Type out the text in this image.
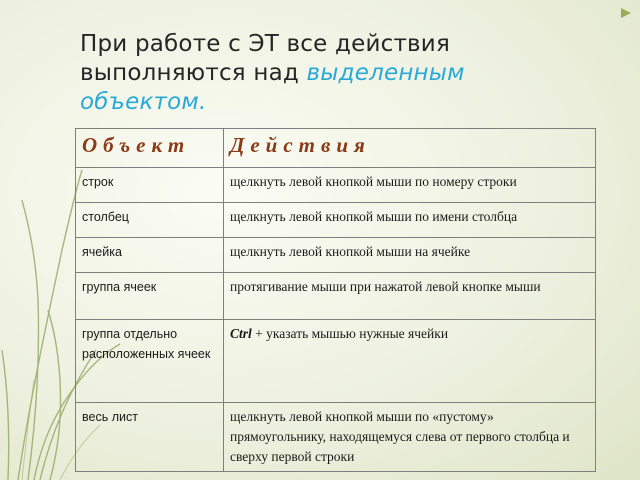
При работе с ЭТ все действия
выполняются над выделенным
объектом.
Объект	Действия
строк	щелкнуть левой кнопкой мыши по номеру строки
столбец	щелкнуть левой кнопкой мыши по имени столбца
ячейка	щелкнуть левой кнопкой мыши на ячейке
группа ячеек	протягивание мыши при нажатой левой кнопке мыши
группа отдельно расположенных ячеек	Ctrl + указать мышью нужные ячейки
весь лист	щелкнуть левой кнопкой мыши по «пустому» прямоугольнику, находящемуся слева от первого столбца и сверху первой строки
